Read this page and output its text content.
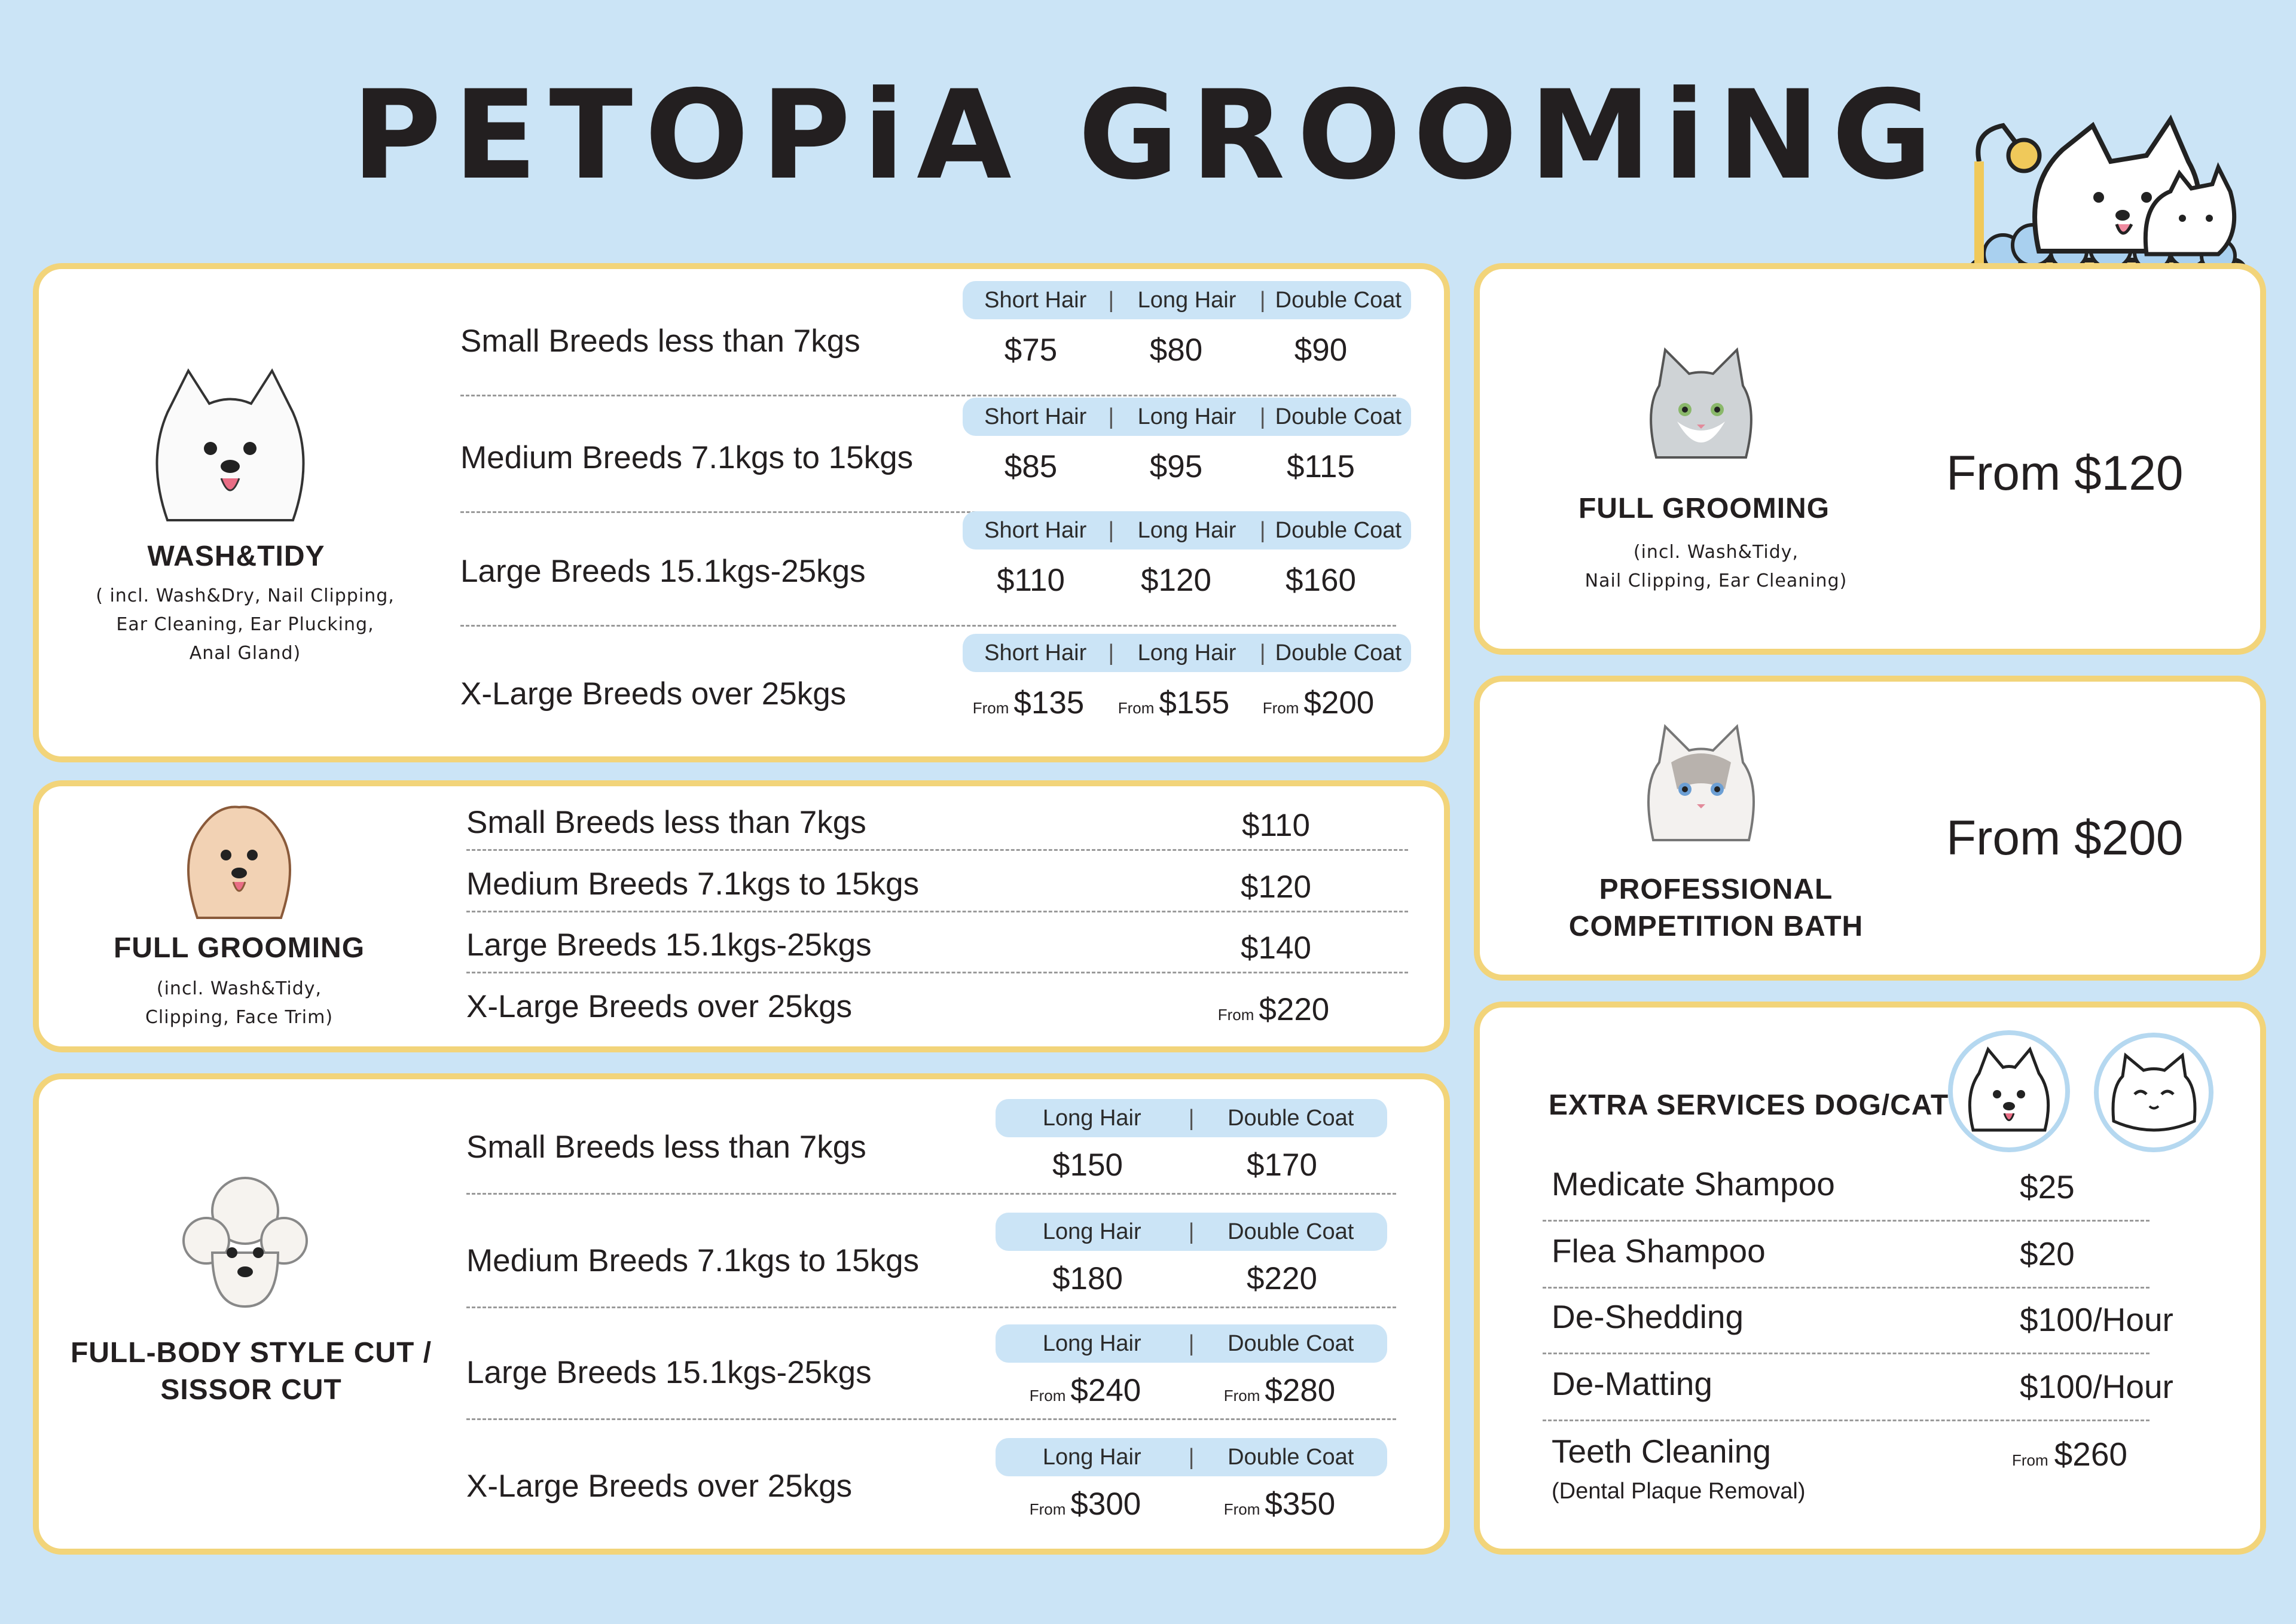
PETOPiA GROOMiNG
WASH&TIDY
( incl. Wash&Dry, Nail Clipping,
Ear Cleaning, Ear Plucking,
Anal Gland)
FULL GROOMING
(incl. Wash&Tidy,
Clipping, Face Trim)
FULL-BODY STYLE CUT /
SISSOR CUT
FULL GROOMING
(incl. Wash&Tidy,
Nail Clipping, Ear Cleaning)
From $120
PROFESSIONAL
COMPETITION BATH
From $200
EXTRA SERVICES DOG/CAT
Small Breeds less than 7kgs
Short Hair |	Long Hair	| Double Coat
$75	$80	$90
Medium Breeds 7.1kgs to 15kgs
Short Hair |	Long Hair	| Double Coat
$85	$95	$115
Large Breeds 15.1kgs-25kgs
Short Hair |	Long Hair	| Double Coat
$110	$120	$160
X-Large Breeds over 25kgs
Short Hair |	Long Hair	| Double Coat
From $135	From $155	From $200
Small Breeds less than 7kgs	$110
Medium Breeds 7.1kgs to 15kgs	$120
Large Breeds 15.1kgs-25kgs	$140
X-Large Breeds over 25kgs	From $220
Small Breeds less than 7kgs
Long Hair	|	Double Coat
$150	$170
Medium Breeds 7.1kgs to 15kgs
Long Hair	|	Double Coat
$180	$220
Large Breeds 15.1kgs-25kgs
Long Hair	|	Double Coat
From $240	From $280
X-Large Breeds over 25kgs
Long Hair	|	Double Coat
From $300	From $350
Medicate Shampoo	$25
Flea Shampoo	$20
De-Shedding	$100/Hour
De-Matting	$100/Hour
Teeth Cleaning
(Dental Plaque Removal)
From $260
